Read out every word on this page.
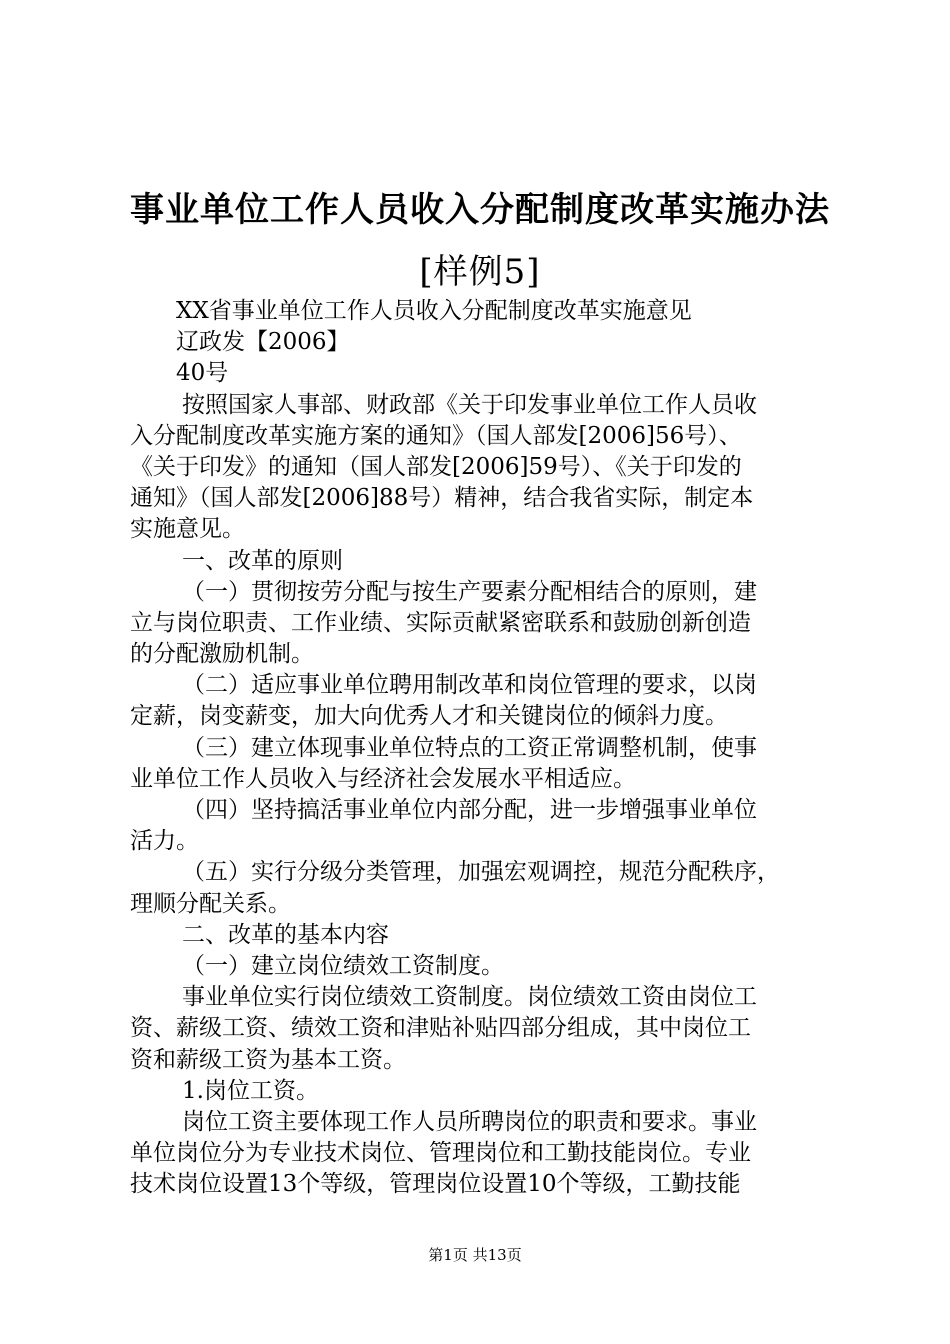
事业单位工作人员收入分配制度改革实施办法
[样例5]
XX省事业单位工作人员收入分配制度改革实施意见
辽政发【2006】
40号
按照国家人事部、财政部《关于印发事业单位工作人员收
入分配制度改革实施方案的通知》（国人部发[2006]56号）、
《关于印发》的通知（国人部发[2006]59号）、《关于印发的
通知》（国人部发[2006]88号）精神，结合我省实际，制定本
实施意见。
一、改革的原则
（一）贯彻按劳分配与按生产要素分配相结合的原则，建
立与岗位职责、工作业绩、实际贡献紧密联系和鼓励创新创造
的分配激励机制。
（二）适应事业单位聘用制改革和岗位管理的要求，以岗
定薪，岗变薪变，加大向优秀人才和关键岗位的倾斜力度。
（三）建立体现事业单位特点的工资正常调整机制，使事
业单位工作人员收入与经济社会发展水平相适应。
（四）坚持搞活事业单位内部分配，进一步增强事业单位
活力。
（五）实行分级分类管理，加强宏观调控，规范分配秩序，
理顺分配关系。
二、改革的基本内容
（一）建立岗位绩效工资制度。
事业单位实行岗位绩效工资制度。岗位绩效工资由岗位工
资、薪级工资、绩效工资和津贴补贴四部分组成，其中岗位工
资和薪级工资为基本工资。
1.岗位工资。
岗位工资主要体现工作人员所聘岗位的职责和要求。事业
单位岗位分为专业技术岗位、管理岗位和工勤技能岗位。专业
技术岗位设置13个等级，管理岗位设置10个等级，工勤技能
第1页 共13页
